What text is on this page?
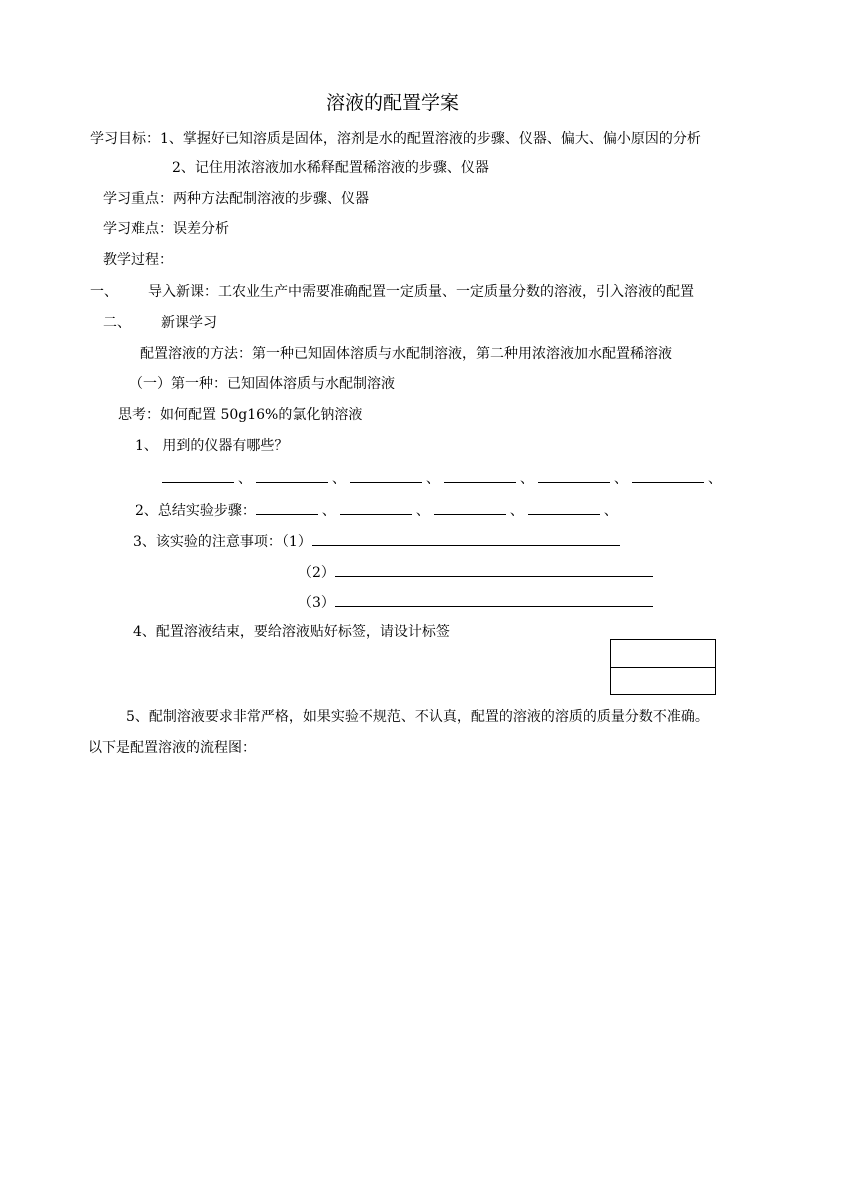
溶液的配置学案
学习目标：1、掌握好已知溶质是固体，溶剂是水的配置溶液的步骤、仪器、偏大、偏小原因的分析
2、记住用浓溶液加水稀释配置稀溶液的步骤、仪器
学习重点：两种方法配制溶液的步骤、仪器
学习难点：误差分析
教学过程：
一、 导入新课：工农业生产中需要准确配置一定质量、一定质量分数的溶液，引入溶液的配置
二、 新课学习
配置溶液的方法：第一种已知固体溶质与水配制溶液，第二种用浓溶液加水配置稀溶液
（一）第一种：已知固体溶质与水配制溶液
思考：如何配置 50g16%的氯化钠溶液
1、 用到的仪器有哪些？
、	、	、	、	、	、
2、总结实验步骤：	、	、	、	、
3、该实验的注意事项：（1）
（2）
（3）
4、配置溶液结束，要给溶液贴好标签，请设计标签
5、配制溶液要求非常严格，如果实验不规范、不认真，配置的溶液的溶质的质量分数不准确。
以下是配置溶液的流程图：
